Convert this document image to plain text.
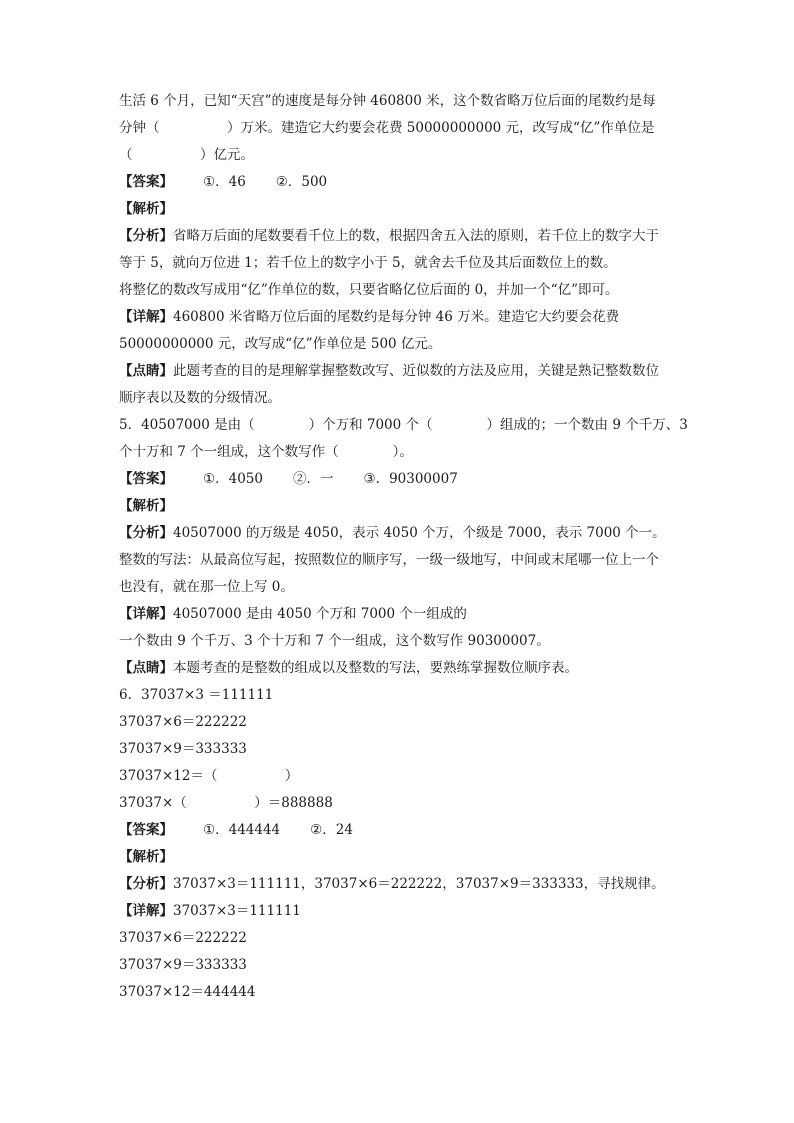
生活 6 个月，已知“天宫”的速度是每分钟 460800 米，这个数省略万位后面的尾数约是每
分钟（　　　　　）万米。建造它大约要会花费 50000000000 元，改写成“亿”作单位是
（　　　　　）亿元。
【答案】 ①．46 ②．500
【解析】
【分析】省略万后面的尾数要看千位上的数，根据四舍五入法的原则，若千位上的数字大于
等于 5，就向万位进 1；若千位上的数字小于 5，就舍去千位及其后面数位上的数。
将整亿的数改写成用“亿”作单位的数，只要省略亿位后面的 0，并加一个“亿”即可。
【详解】460800 米省略万位后面的尾数约是每分钟 46 万米。建造它大约要会花费
50000000000 元，改写成“亿”作单位是 500 亿元。
【点睛】此题考查的目的是理解掌握整数改写、近似数的方法及应用，关键是熟记整数数位
顺序表以及数的分级情况。
5．40507000 是由（　　　　）个万和 7000 个（　　　　）组成的；一个数由 9 个千万、3
个十万和 7 个一组成，这个数写作（　　　　）。
【答案】 ①．4050 ②．一 ③．90300007
【解析】
【分析】40507000 的万级是 4050，表示 4050 个万，个级是 7000，表示 7000 个一。
整数的写法：从最高位写起，按照数位的顺序写，一级一级地写，中间或末尾哪一位上一个
也没有，就在那一位上写 0。
【详解】40507000 是由 4050 个万和 7000 个一组成的
一个数由 9 个千万、3 个十万和 7 个一组成，这个数写作 90300007。
【点睛】本题考查的是整数的组成以及整数的写法，要熟练掌握数位顺序表。
6．37037×3 ＝111111
37037×6＝222222
37037×9＝333333
37037×12＝（　　　　　）
37037×（　　　　　）＝888888
【答案】 ①．444444 ②．24
【解析】
【分析】37037×3＝111111，37037×6＝222222，37037×9＝333333，寻找规律。
【详解】37037×3＝111111
37037×6＝222222
37037×9＝333333
37037×12＝444444
